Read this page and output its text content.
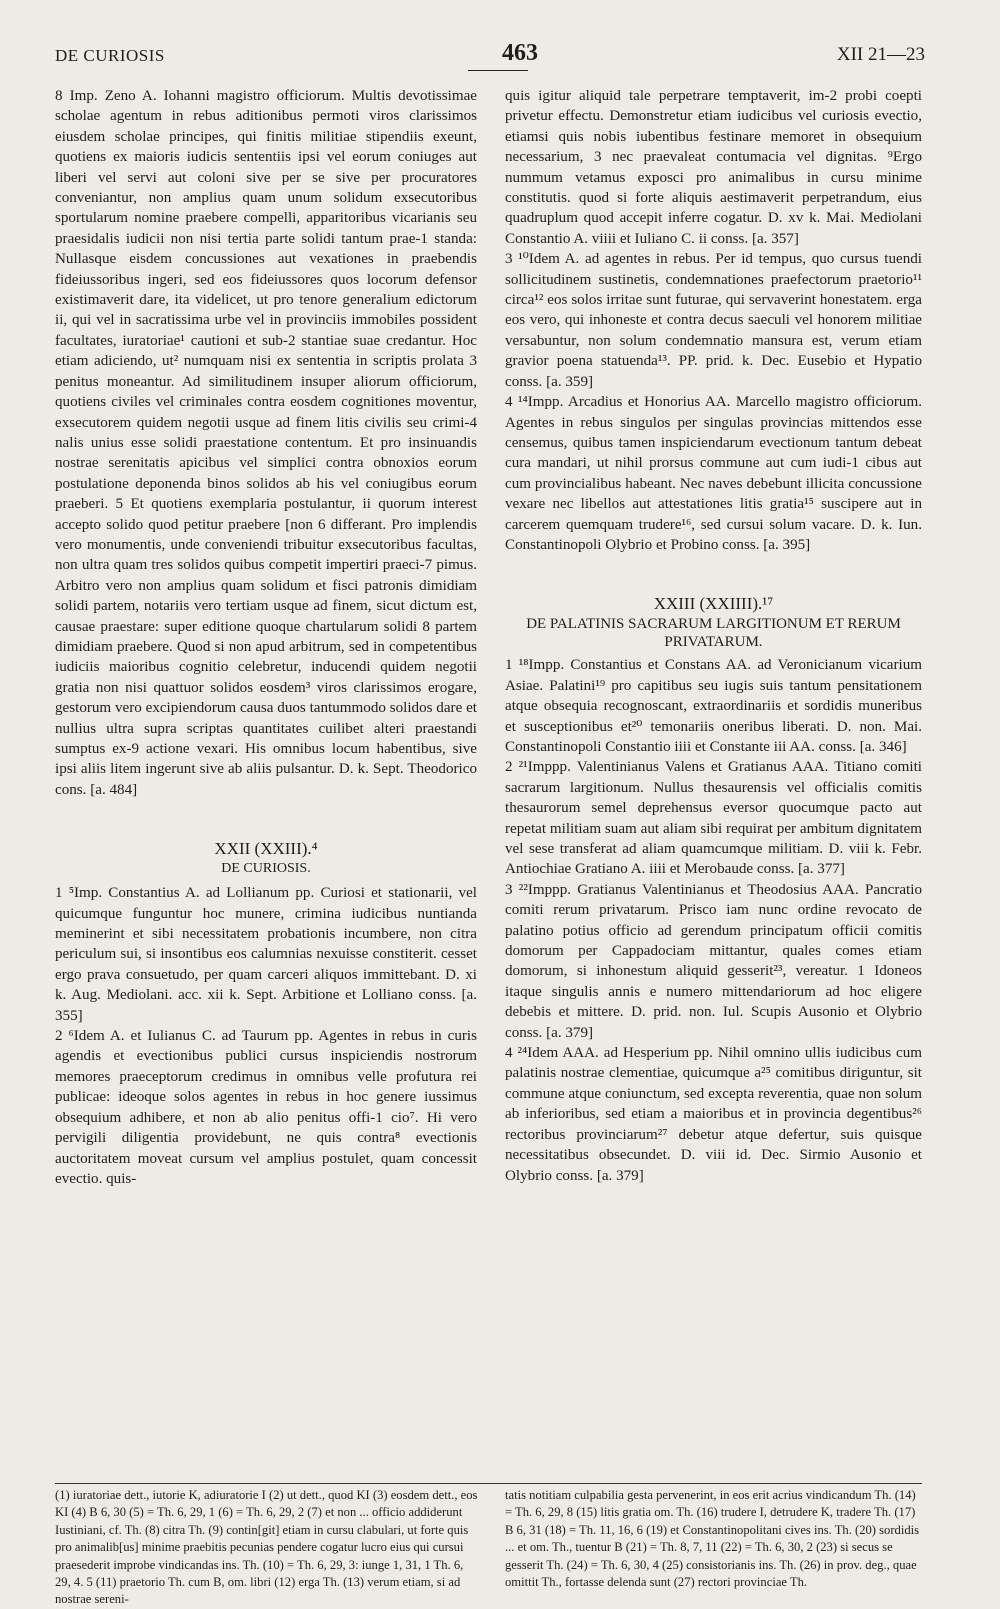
DE CURIOSIS	463	XII 21—23

8 Imp. Zeno A. Iohanni magistro officiorum. Multis devotissimae scholae agentum in rebus aditionibus permoti viros clarissimos eiusdem scholae principes, qui finitis militiae stipendiis exeunt, quotiens ex maioris iudicis sententiis ipsi vel eorum coniuges aut liberi vel servi aut coloni sive per se sive per procuratores conveniantur, non amplius quam unum solidum exsecutoribus sportularum nomine praebere compelli, apparitoribus vicarianis seu praesidalis iudicii non nisi tertia parte solidi tantum prae-1 standa: Nullasque eisdem concussiones aut vexationes in praebendis fideiussoribus ingeri, sed eos fideiussores quos locorum defensor existimaverit dare, ita videlicet, ut pro tenore generalium edictorum ii, qui vel in sacratissima urbe vel in provinciis immobiles possident facultates, iuratoriae¹ cautioni et sub-2 stantiae suae credantur. Hoc etiam adiciendo, ut² numquam nisi ex sententia in scriptis prolata 3 penitus moneantur. Ad similitudinem insuper aliorum officiorum, quotiens civiles vel criminales contra eosdem cognitiones moventur, exsecutorem quidem negotii usque ad finem litis civilis seu crimi-4 nalis unius esse solidi praestatione contentum. Et pro insinuandis nostrae serenitatis apicibus vel simplici contra obnoxios eorum postulatione deponenda binos solidos ab his vel coniugibus eorum praeberi. 5 Et quotiens exemplaria postulantur, ii quorum interest accepto solido quod petitur praebere [non 6 differant. Pro implendis vero monumentis, unde conveniendi tribuitur exsecutoribus facultas, non ultra quam tres solidos quibus competit impertiri praeci-7 pimus. Arbitro vero non amplius quam solidum et fisci patronis dimidiam solidi partem, notariis vero tertiam usque ad finem, sicut dictum est, causae praestare: super editione quoque chartularum solidi 8 partem dimidiam praebere. Quod si non apud arbitrum, sed in competentibus iudiciis maioribus cognitio celebretur, inducendi quidem negotii gratia non nisi quattuor solidos eosdem³ viros clarissimos erogare, gestorum vero excipiendorum causa duos tantummodo solidos dare et nullius ultra supra scriptas quantitates cuilibet alteri praestandi sumptus ex-9 actione vexari. His omnibus locum habentibus, sive ipsi aliis litem ingerunt sive ab aliis pulsantur. D. k. Sept. Theodorico cons. [a. 484]

XXII (XXIII).⁴
DE CURIOSIS.

1 ⁵Imp. Constantius A. ad Lollianum pp. Curiosi et stationarii, vel quicumque funguntur hoc munere, crimina iudicibus nuntianda meminerint et sibi necessitatem probationis incumbere, non citra periculum sui, si insontibus eos calumnias nexuisse constiterit. cesset ergo prava consuetudo, per quam carceri aliquos immittebant. D. xi k. Aug. Mediolani. acc. xii k. Sept. Arbitione et Lolliano conss. [a. 355]

2 ⁶Idem A. et Iulianus C. ad Taurum pp. Agentes in rebus in curis agendis et evectionibus publici cursus inspiciendis nostrorum memores praeceptorum credimus in omnibus velle profutura rei publicae: ideoque solos agentes in rebus in hoc genere iussimus obsequium adhibere, et non ab alio penitus offi-1 cio⁷. Hi vero pervigili diligentia providebunt, ne quis contra⁸ evectionis auctoritatem moveat cursum vel amplius postulet, quam concessit evectio. quis-

quis igitur aliquid tale perpetrare temptaverit, im-2 probi coepti privetur effectu. Demonstretur etiam iudicibus vel curiosis evectio, etiamsi quis nobis iubentibus festinare memoret in obsequium necessarium, 3 nec praevaleat contumacia vel dignitas. ⁹Ergo nummum vetamus exposci pro animalibus in cursu minime constitutis. quod si forte aliquis aestimaverit perpetrandum, eius quadruplum quod accepit inferre cogatur. D. xv k. Mai. Mediolani Constantio A. viiii et Iuliano C. ii conss. [a. 357]

3 ¹⁰Idem A. ad agentes in rebus. Per id tempus, quo cursus tuendi sollicitudinem sustinetis, condemnationes praefectorum praetorio¹¹ circa¹² eos solos irritae sunt futurae, qui servaverint honestatem. erga eos vero, qui inhoneste et contra decus saeculi vel honorem militiae versabuntur, non solum condemnatio mansura est, verum etiam gravior poena statuenda¹³. PP. prid. k. Dec. Eusebio et Hypatio conss. [a. 359]

4 ¹⁴Impp. Arcadius et Honorius AA. Marcello magistro officiorum. Agentes in rebus singulos per singulas provincias mittendos esse censemus, quibus tamen inspiciendarum evectionum tantum debeat cura mandari, ut nihil prorsus commune aut cum iudi-1 cibus aut cum provincialibus habeant. Nec naves debebunt illicita concussione vexare nec libellos aut attestationes litis gratia¹⁵ suscipere aut in carcerem quemquam trudere¹⁶, sed cursui solum vacare. D. k. Iun. Constantinopoli Olybrio et Probino conss. [a. 395]

XXIII (XXIIII).¹⁷
DE PALATINIS SACRARUM LARGITIONUM ET RERUM PRIVATARUM.

1 ¹⁸Impp. Constantius et Constans AA. ad Veronicianum vicarium Asiae. Palatini¹⁹ pro capitibus seu iugis suis tantum pensitationem atque obsequia recognoscant, extraordinariis et sordidis muneribus et susceptionibus et²⁰ temonariis oneribus liberati. D. non. Mai. Constantinopoli Constantio iiii et Constante iii AA. conss. [a. 346]

2 ²¹Imppp. Valentinianus Valens et Gratianus AAA. Titiano comiti sacrarum largitionum. Nullus thesaurensis vel officialis comitis thesaurorum semel deprehensus eversor quocumque pacto aut repetat militiam suam aut aliam sibi requirat per ambitum dignitatem vel sese transferat ad aliam quamcumque militiam. D. viii k. Febr. Antiochiae Gratiano A. iiii et Merobaude conss. [a. 377]

3 ²²Imppp. Gratianus Valentinianus et Theodosius AAA. Pancratio comiti rerum privatarum. Prisco iam nunc ordine revocato de palatino potius officio ad gerendum principatum officii comitis domorum per Cappadociam mittantur, quales comes etiam domorum, si inhonestum aliquid gesserit²³, vereatur. 1 Idoneos itaque singulis annis e numero mittendariorum ad hoc eligere debebis et mittere. D. prid. non. Iul. Scupis Ausonio et Olybrio conss. [a. 379]

4 ²⁴Idem AAA. ad Hesperium pp. Nihil omnino ullis iudicibus cum palatinis nostrae clementiae, quicumque a²⁵ comitibus diriguntur, sit commune atque coniunctum, sed excepta reverentia, quae non solum ab inferioribus, sed etiam a maioribus et in provincia degentibus²⁶ rectoribus provinciarum²⁷ debetur atque defertur, suis quisque necessitatibus obsecundet. D. viii id. Dec. Sirmio Ausonio et Olybrio conss. [a. 379]

(1) iuratoriae dett., iutorie K, adiuratorie I (2) ut dett., quod KI (3) eosdem dett., eos KI (4) B 6, 30 (5) = Th. 6, 29, 1 (6) = Th. 6, 29, 2 (7) et non ... officio addiderunt Iustiniani, cf. Th. (8) citra Th. (9) contin[git] etiam in cursu clabulari, ut forte quis pro animalib[us] minime praebitis pecunias pendere cogatur lucro eius qui cursui praesederit improbe vindicandas ins. Th. (10) = Th. 6, 29, 3: iunge 1, 31, 1 Th. 6, 29, 4. 5 (11) praetorio Th. cum B, om. libri (12) erga Th. (13) verum etiam, si ad nostrae sereni-
tatis notitiam culpabilia gesta pervenerint, in eos erit acrius vindicandum Th. (14) = Th. 6, 29, 8 (15) litis gratia om. Th. (16) trudere I, detrudere K, tradere Th. (17) B 6, 31 (18) = Th. 11, 16, 6 (19) et Constantinopolitani cives ins. Th. (20) sordidis ... et om. Th., tuentur B (21) = Th. 8, 7, 11 (22) = Th. 6, 30, 2 (23) si secus se gesserit Th. (24) = Th. 6, 30, 4 (25) consistorianis ins. Th. (26) in prov. deg., quae omittit Th., fortasse delenda sunt (27) rectori provinciae Th.
